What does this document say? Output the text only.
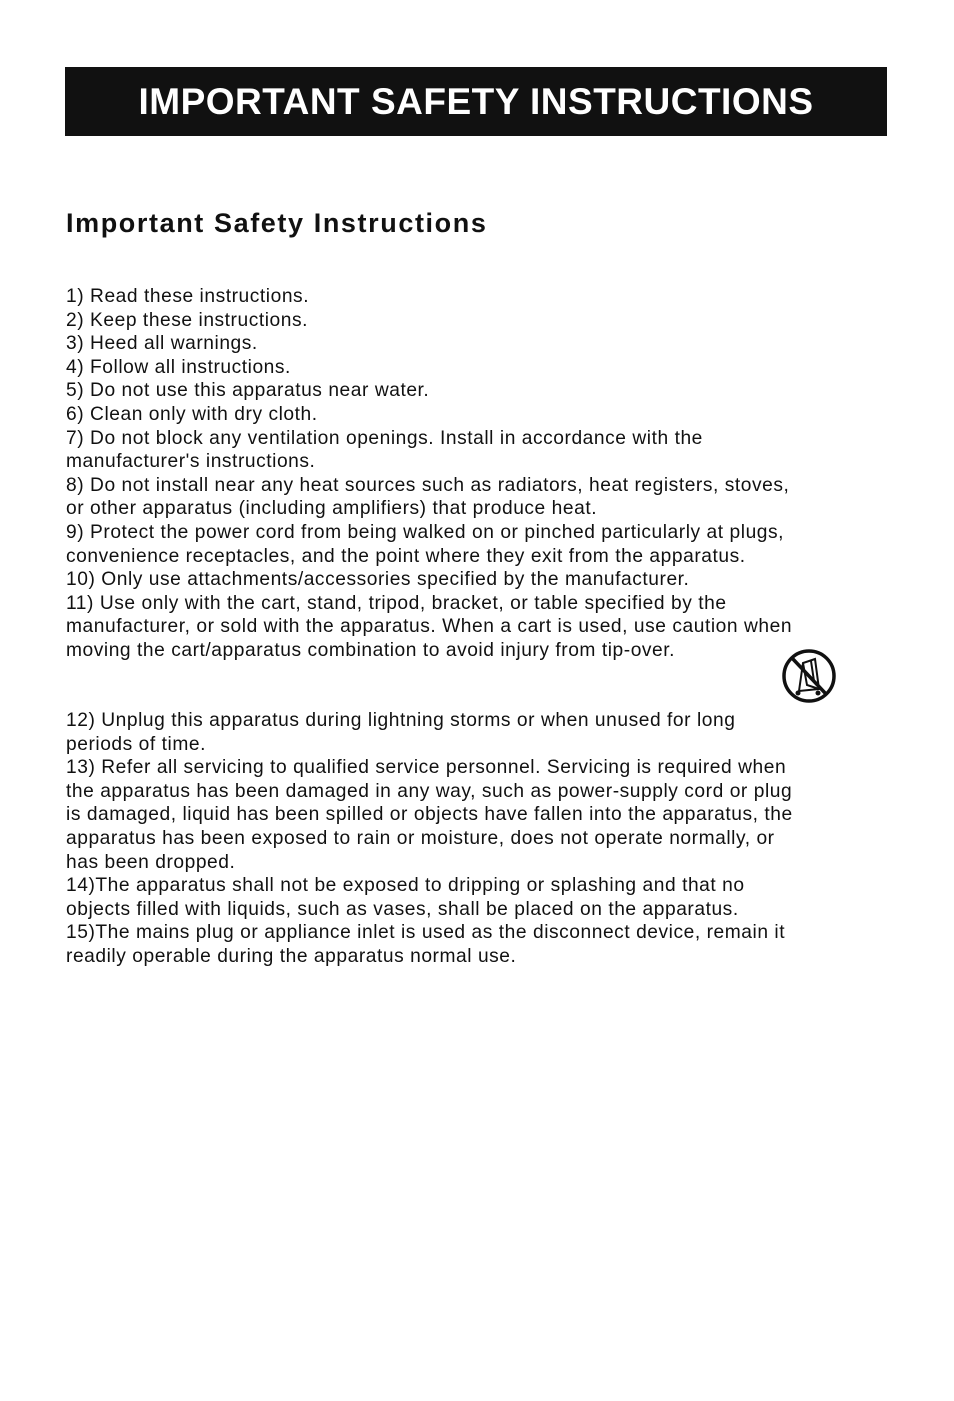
IMPORTANT SAFETY INSTRUCTIONS
Important Safety Instructions
1) Read these instructions.
2) Keep these instructions.
3) Heed all warnings.
4) Follow all instructions.
5) Do not use this apparatus near water.
6) Clean only with dry cloth.
7) Do not block any ventilation openings. Install in accordance with the
manufacturer's instructions.
8) Do not install near any heat sources such as radiators, heat registers, stoves,
or other apparatus (including amplifiers) that produce heat.
9) Protect the power cord from being walked on or pinched particularly at plugs,
convenience receptacles, and the point where they exit from the apparatus.
10) Only use attachments/accessories specified by the manufacturer.
11) Use only with the cart, stand, tripod, bracket, or table specified by the
manufacturer, or sold with the apparatus. When a cart is used, use caution when
moving the cart/apparatus combination to avoid injury from tip-over.
12) Unplug this apparatus during lightning storms or when unused for long
periods of time.
13) Refer all servicing to qualified service personnel. Servicing is required when
the apparatus has been damaged in any way, such as power-supply cord or plug
is damaged, liquid has been spilled or objects have fallen into the apparatus, the
apparatus has been exposed to rain or moisture, does not operate normally, or
has been dropped.
14)The apparatus shall not be exposed to dripping or splashing and that no
objects filled with liquids, such as vases, shall be placed on the apparatus.
15)The mains plug or appliance inlet is used as the disconnect device, remain it
readily operable during the apparatus normal use.
